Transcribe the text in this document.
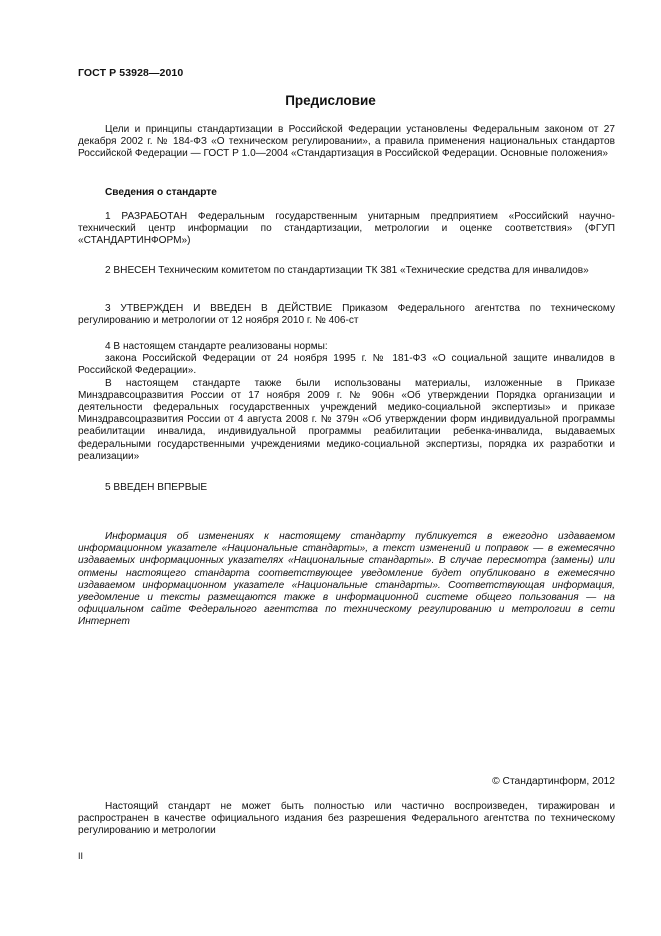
ГОСТ Р 53928—2010
Предисловие

Цели и принципы стандартизации в Российской Федерации установлены Федеральным законом от 27 декабря 2002 г. № 184-ФЗ «О техническом регулировании», а правила применения национальных стандартов Российской Федерации — ГОСТ Р 1.0—2004 «Стандартизация в Российской Федерации. Основные положения»

Сведения о стандарте

1 РАЗРАБОТАН Федеральным государственным унитарным предприятием «Российский научно-технический центр информации по стандартизации, метрологии и оценке соответствия» (ФГУП «СТАНДАРТИНФОРМ»)

2 ВНЕСЕН Техническим комитетом по стандартизации ТК 381 «Технические средства для инвалидов»

3 УТВЕРЖДЕН И ВВЕДЕН В ДЕЙСТВИЕ Приказом Федерального агентства по техническому регулированию и метрологии от 12 ноября 2010 г. № 406-ст

4 В настоящем стандарте реализованы нормы:

закона Российской Федерации от 24 ноября 1995 г. № 181-ФЗ «О социальной защите инвалидов в Российской Федерации».

В настоящем стандарте также были использованы материалы, изложенные в Приказе Минздравсоцразвития России от 17 ноября 2009 г. № 906н «Об утверждении Порядка организации и деятельности федеральных государственных учреждений медико-социальной экспертизы» и приказе Минздравсоцразвития России от 4 августа 2008 г. № 379н «Об утверждении форм индивидуальной программы реабилитации инвалида, индивидуальной программы реабилитации ребенка-инвалида, выдаваемых федеральными государственными учреждениями медико-социальной экспертизы, порядка их разработки и реализации»

5 ВВЕДЕН ВПЕРВЫЕ

Информация об изменениях к настоящему стандарту публикуется в ежегодно издаваемом информационном указателе «Национальные стандарты», а текст изменений и поправок — в ежемесячно издаваемых информационных указателях «Национальные стандарты». В случае пересмотра (замены) или отмены настоящего стандарта соответствующее уведомление будет опубликовано в ежемесячно издаваемом информационном указателе «Национальные стандарты». Соответствующая информация, уведомление и тексты размещаются также в информационной системе общего пользования — на официальном сайте Федерального агентства по техническому регулированию и метрологии в сети Интернет

© Стандартинформ, 2012

Настоящий стандарт не может быть полностью или частично воспроизведен, тиражирован и распространен в качестве официального издания без разрешения Федерального агентства по техническому регулированию и метрологии

II
